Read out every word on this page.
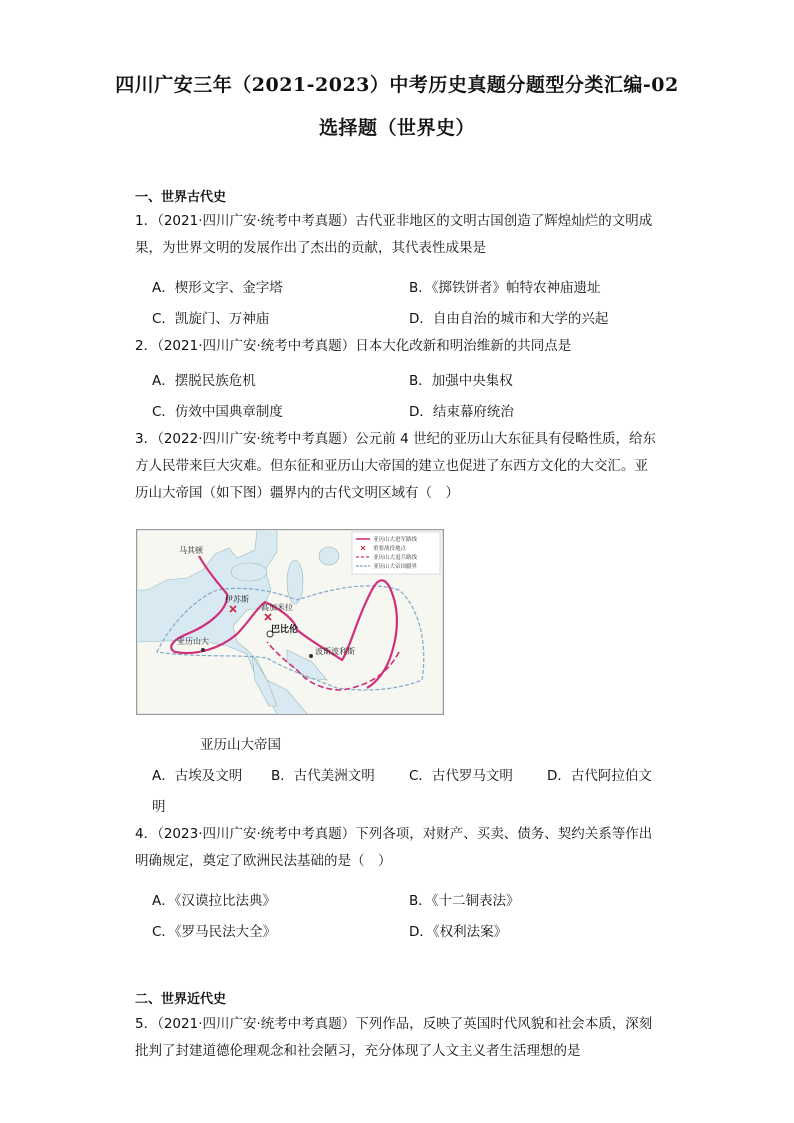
四川广安三年（2021-2023）中考历史真题分题型分类汇编-02
选择题（世界史）
一、世界古代史
1．（2021·四川广安·统考中考真题）古代亚非地区的文明古国创造了辉煌灿烂的文明成
果，为世界文明的发展作出了杰出的贡献，其代表性成果是
A．楔形文字、金字塔	B．《掷铁饼者》帕特农神庙遗址
C．凯旋门、万神庙	D．自由自治的城市和大学的兴起
2．（2021·四川广安·统考中考真题）日本大化改新和明治维新的共同点是
A．摆脱民族危机	B．加强中央集权
C．仿效中国典章制度	D．结束幕府统治
3．（2022·四川广安·统考中考真题）公元前 4 世纪的亚历山大东征具有侵略性质，给东
方人民带来巨大灾难。但东征和亚历山大帝国的建立也促进了东西方文化的大交汇。亚
历山大帝国（如下图）疆界内的古代文明区域有（　）
马其顿
伊苏斯
高加米拉
巴比伦
亚历山大
波斯波利斯
亚历山大进军路线
重要战役地点
亚历山大退兵路线
亚历山大帝国疆界
亚历山大帝国
A．古埃及文明 B．古代美洲文明	C．古代罗马文明	D．古代阿拉伯文
明
4．（2023·四川广安·统考中考真题）下列各项，对财产、买卖、债务、契约关系等作出
明确规定，奠定了欧洲民法基础的是（　）
A．《汉谟拉比法典》	B．《十二铜表法》
C．《罗马民法大全》	D．《权利法案》
二、世界近代史
5．（2021·四川广安·统考中考真题）下列作品，反映了英国时代风貌和社会本质，深刻
批判了封建道德伦理观念和社会陋习，充分体现了人文主义者生活理想的是
